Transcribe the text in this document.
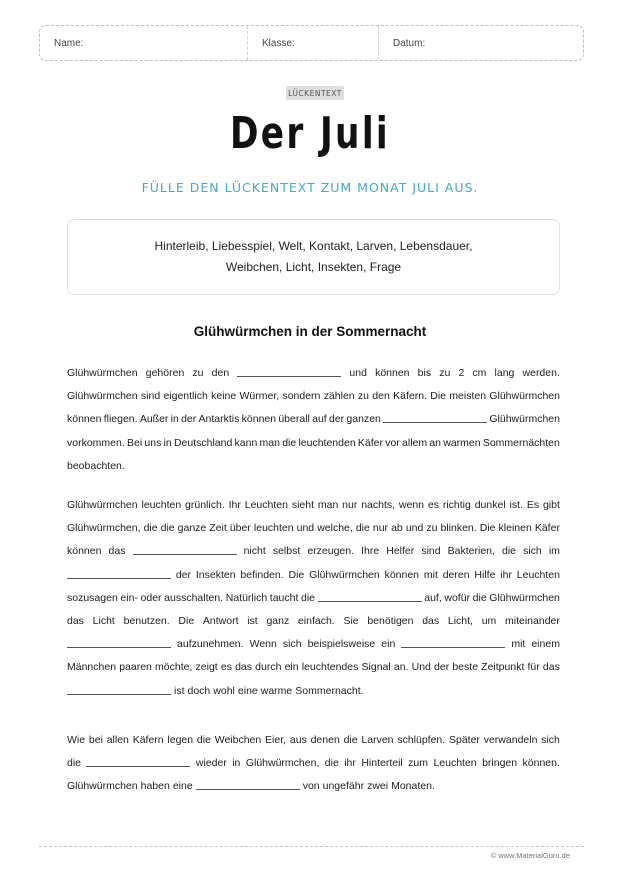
Name:	Klasse:	Datum:
LÜCKENTEXT
Der Juli
FÜLLE DEN LÜCKENTEXT ZUM MONAT JULI AUS.
Hinterleib, Liebesspiel, Welt, Kontakt, Larven, Lebensdauer,
Weibchen, Licht, Insekten, Frage
Glühwürmchen in der Sommernacht
Glühwürmchen gehören zu den	und können bis zu 2 cm lang werden.
Glühwürmchen sind eigentlich keine Würmer, sondern zählen zu den Käfern. Die meisten Glühwürmchen
können fliegen. Außer in der Antarktis können überall auf der ganzen	Glühwürmchen
vorkommen. Bei uns in Deutschland kann man die leuchtenden Käfer vor allem an warmen Sommernächten
beobachten.
Glühwürmchen leuchten grünlich. Ihr Leuchten sieht man nur nachts, wenn es richtig dunkel ist. Es gibt
Glühwürmchen, die die ganze Zeit über leuchten und welche, die nur ab und zu blinken. Die kleinen Käfer
können das	nicht selbst erzeugen. Ihre Helfer sind Bakterien, die sich im
der Insekten befinden. Die Glühwürmchen können mit deren Hilfe ihr Leuchten
sozusagen ein- oder ausschalten. Natürlich taucht die	auf, wofür die Glühwürmchen
das Licht benutzen. Die Antwort ist ganz einfach. Sie benötigen das Licht, um miteinander
aufzunehmen. Wenn sich beispielsweise ein	mit einem
Männchen paaren möchte, zeigt es das durch ein leuchtendes Signal an. Und der beste Zeitpunkt für das
ist doch wohl eine warme Sommernacht.
Wie bei allen Käfern legen die Weibchen Eier, aus denen die Larven schlüpfen. Später verwandeln sich
die	wieder in Glühwürmchen, die ihr Hinterteil zum Leuchten bringen können.
Glühwürmchen haben eine	von ungefähr zwei Monaten.
© www.MaterialGuru.de
